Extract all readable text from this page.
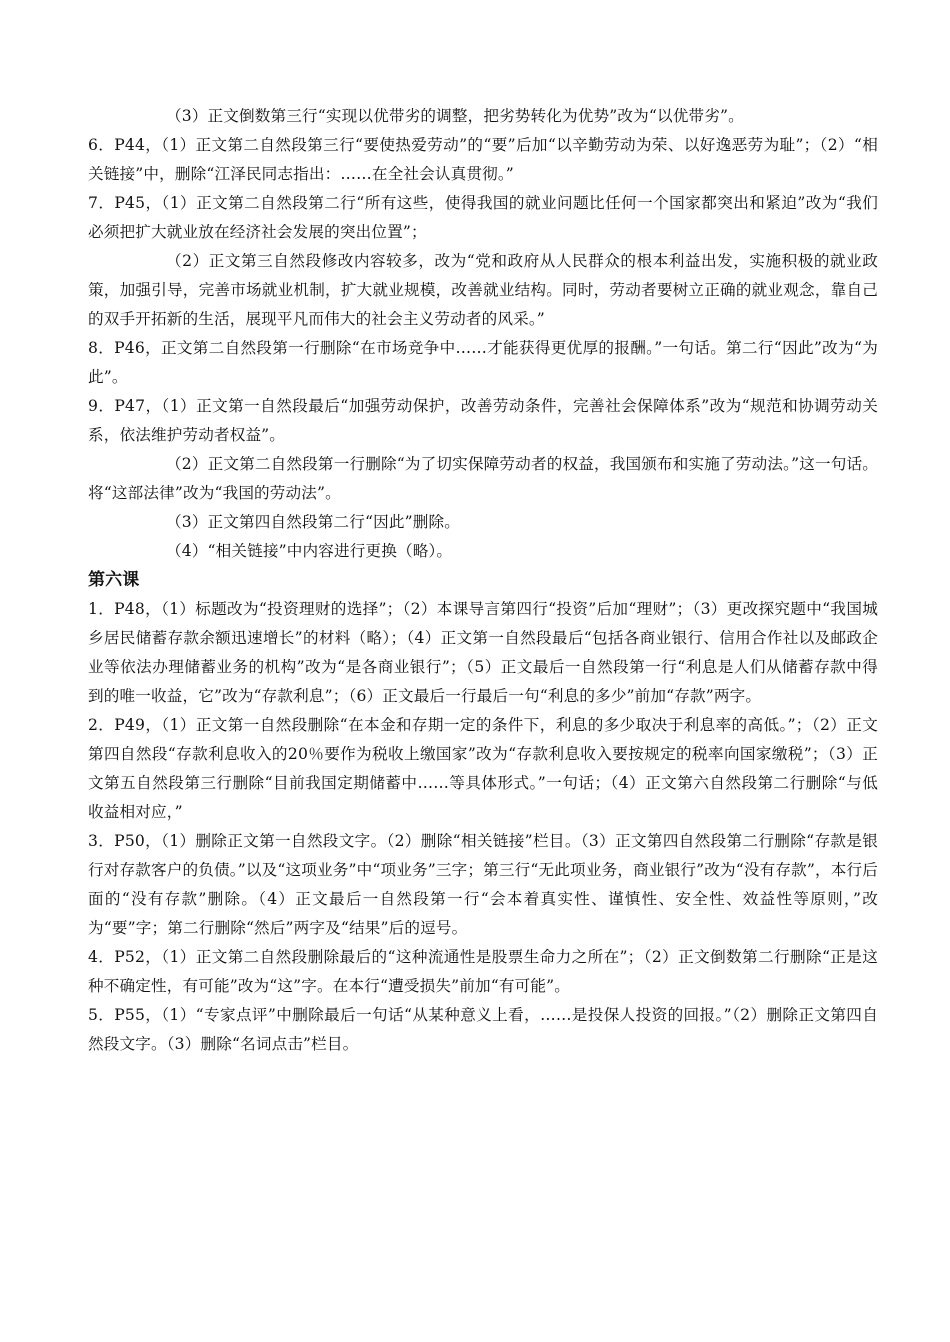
（3）正文倒数第三行“实现以优带劣的调整，把劣势转化为优势”改为“以优带劣”。

6．P44，（1）正文第二自然段第三行“要使热爱劳动”的“要”后加“以辛勤劳动为荣、以好逸恶劳为耻”；（2）“相关链接”中，删除“江泽民同志指出：……在全社会认真贯彻。”

7．P45，（1）正文第二自然段第二行“所有这些，使得我国的就业问题比任何一个国家都突出和紧迫”改为“我们必须把扩大就业放在经济社会发展的突出位置”；

（2）正文第三自然段修改内容较多，改为“党和政府从人民群众的根本利益出发，实施积极的就业政策，加强引导，完善市场就业机制，扩大就业规模，改善就业结构。同时，劳动者要树立正确的就业观念，靠自己的双手开拓新的生活，展现平凡而伟大的社会主义劳动者的风采。”

8．P46，正文第二自然段第一行删除“在市场竞争中……才能获得更优厚的报酬。”一句话。第二行“因此”改为“为此”。

9．P47，（1）正文第一自然段最后“加强劳动保护，改善劳动条件，完善社会保障体系”改为“规范和协调劳动关系，依法维护劳动者权益”。

（2）正文第二自然段第一行删除“为了切实保障劳动者的权益，我国颁布和实施了劳动法。”这一句话。将“这部法律”改为“我国的劳动法”。

（3）正文第四自然段第二行“因此”删除。

（4）“相关链接”中内容进行更换（略）。

第六课

1．P48，（1）标题改为“投资理财的选择”；（2）本课导言第四行“投资”后加“理财”；（3）更改探究题中“我国城乡居民储蓄存款余额迅速增长”的材料（略）；（4）正文第一自然段最后“包括各商业银行、信用合作社以及邮政企业等依法办理储蓄业务的机构”改为“是各商业银行”；（5）正文最后一自然段第一行“利息是人们从储蓄存款中得到的唯一收益，它”改为“存款利息”；（6）正文最后一行最后一句“利息的多少”前加“存款”两字。

2．P49，（1）正文第一自然段删除“在本金和存期一定的条件下，利息的多少取决于利息率的高低。”；（2）正文第四自然段“存款利息收入的20％要作为税收上缴国家”改为“存款利息收入要按规定的税率向国家缴税”；（3）正文第五自然段第三行删除“目前我国定期储蓄中……等具体形式。”一句话；（4）正文第六自然段第二行删除“与低收益相对应，”

3．P50，（1）删除正文第一自然段文字。（2）删除“相关链接”栏目。（3）正文第四自然段第二行删除“存款是银行对存款客户的负债。”以及“这项业务”中“项业务”三字；第三行“无此项业务，商业银行”改为“没有存款”，本行后面的“没有存款”删除。（4）正文最后一自然段第一行“会本着真实性、谨慎性、安全性、效益性等原则，”改为“要”字；第二行删除“然后”两字及“结果”后的逗号。

4．P52，（1）正文第二自然段删除最后的“这种流通性是股票生命力之所在”；（2）正文倒数第二行删除“正是这种不确定性，有可能”改为“这”字。在本行“遭受损失”前加“有可能”。

5．P55，（1）“专家点评”中删除最后一句话“从某种意义上看，……是投保人投资的回报。”（2）删除正文第四自然段文字。（3）删除“名词点击”栏目。
